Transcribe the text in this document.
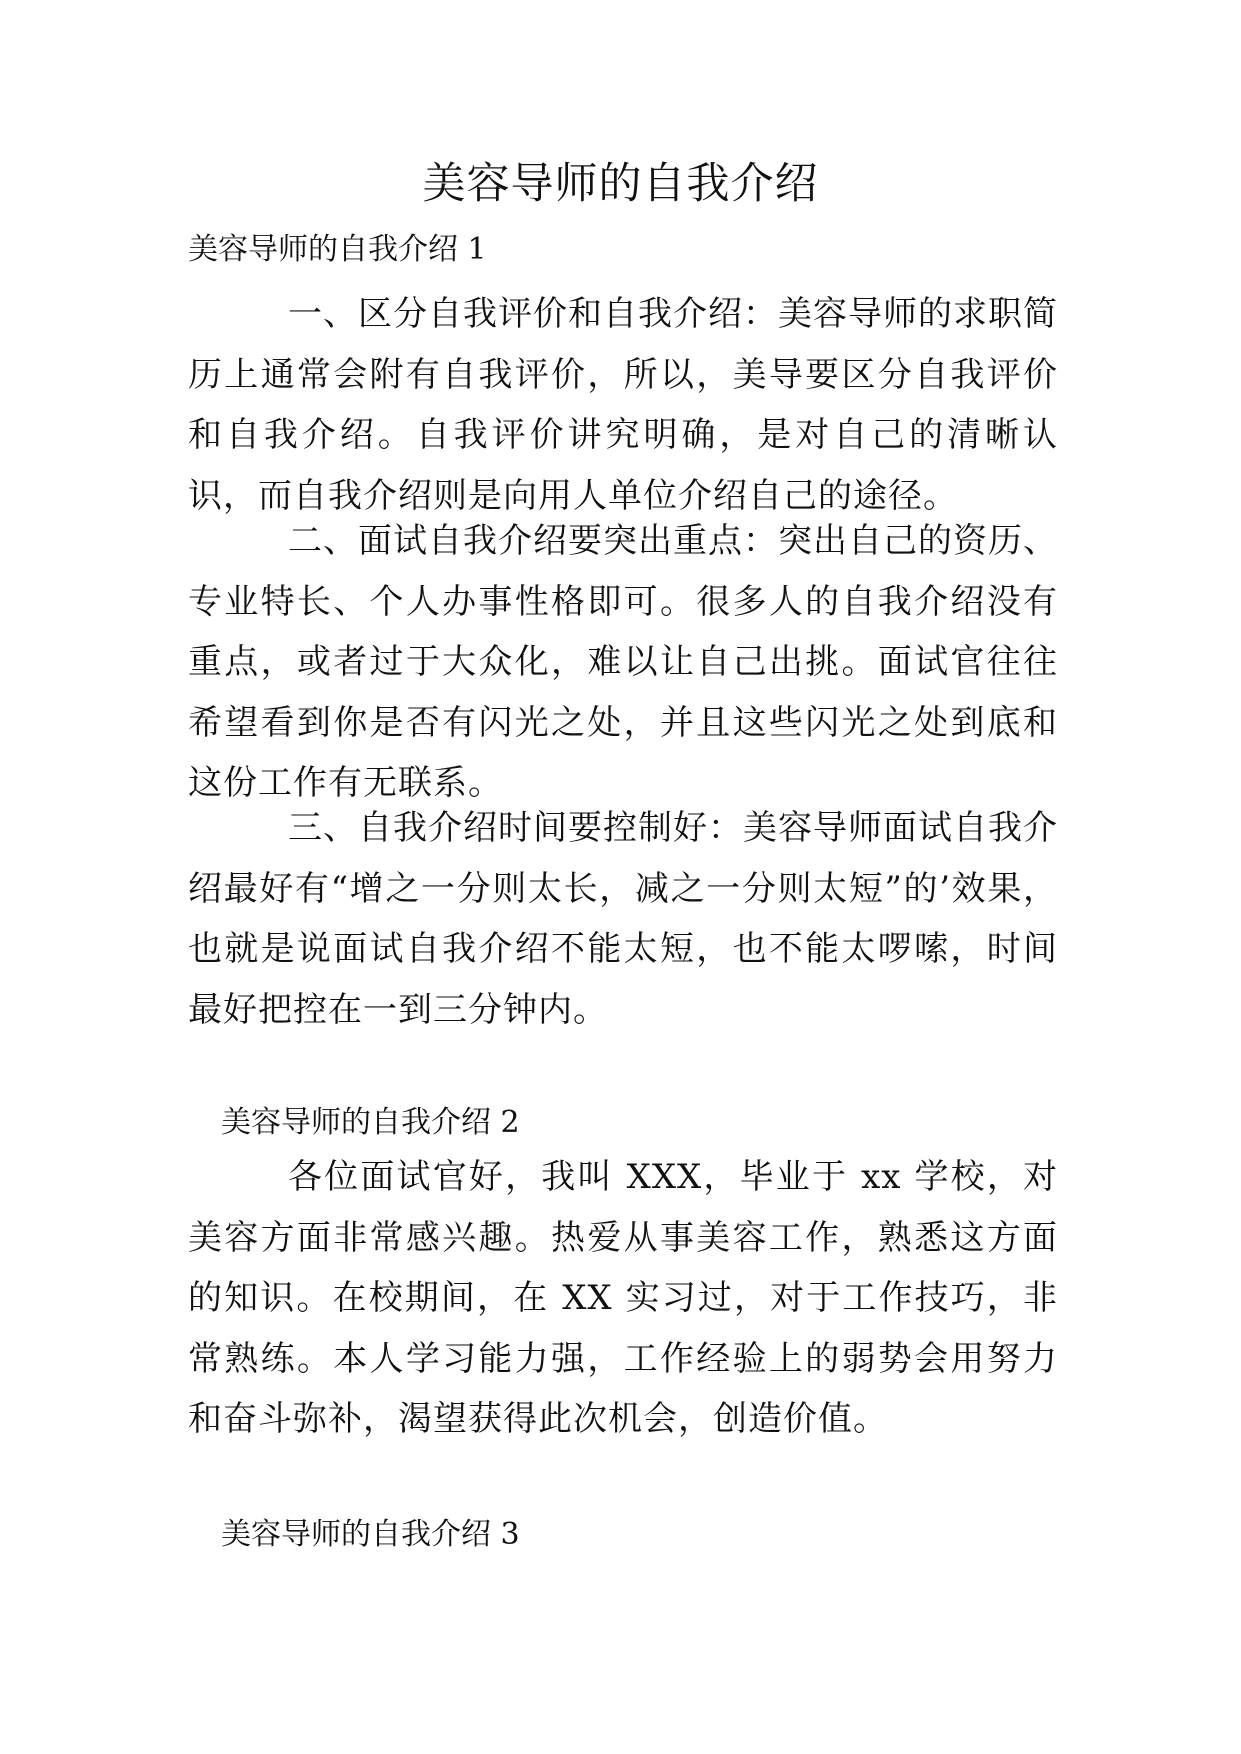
美容导师的自我介绍
美容导师的自我介绍 1
一、区分自我评价和自我介绍：美容导师的求职简历上通常会附有自我评价，所以，美导要区分自我评价和自我介绍。自我评价讲究明确，是对自己的清晰认识，而自我介绍则是向用人单位介绍自己的途径。
二、面试自我介绍要突出重点：突出自己的资历、专业特长、个人办事性格即可。很多人的自我介绍没有重点，或者过于大众化，难以让自己出挑。面试官往往希望看到你是否有闪光之处，并且这些闪光之处到底和这份工作有无联系。
三、自我介绍时间要控制好：美容导师面试自我介绍最好有“增之一分则太长，减之一分则太短”的’效果，也就是说面试自我介绍不能太短，也不能太啰嗦，时间最好把控在一到三分钟内。
美容导师的自我介绍 2
各位面试官好，我叫 XXX，毕业于 xx 学校，对美容方面非常感兴趣。热爱从事美容工作，熟悉这方面的知识。在校期间，在 XX 实习过，对于工作技巧，非常熟练。本人学习能力强，工作经验上的弱势会用努力和奋斗弥补，渴望获得此次机会，创造价值。
美容导师的自我介绍 3
